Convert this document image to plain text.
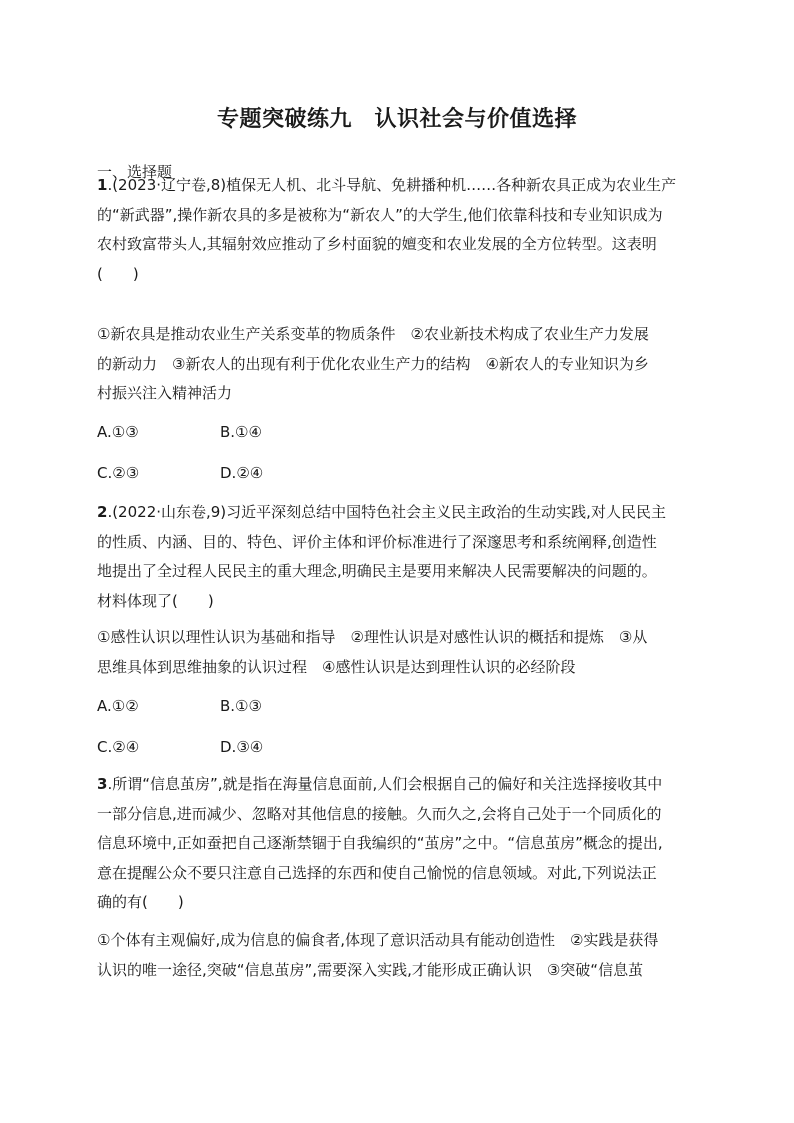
专题突破练九　认识社会与价值选择
一、选择题
1.(2023·辽宁卷,8)植保无人机、北斗导航、免耕播种机……各种新农具正成为农业生产
的“新武器”,操作新农具的多是被称为“新农人”的大学生,他们依靠科技和专业知识成为
农村致富带头人,其辐射效应推动了乡村面貌的嬗变和农业发展的全方位转型。这表明
(　　)
①新农具是推动农业生产关系变革的物质条件　②农业新技术构成了农业生产力发展
的新动力　③新农人的出现有利于优化农业生产力的结构　④新农人的专业知识为乡
村振兴注入精神活力
A.①③	B.①④
C.②③	D.②④
2.(2022·山东卷,9)习近平深刻总结中国特色社会主义民主政治的生动实践,对人民民主
的性质、内涵、目的、特色、评价主体和评价标准进行了深邃思考和系统阐释,创造性
地提出了全过程人民民主的重大理念,明确民主是要用来解决人民需要解决的问题的。
材料体现了(　　)
①感性认识以理性认识为基础和指导　②理性认识是对感性认识的概括和提炼　③从
思维具体到思维抽象的认识过程　④感性认识是达到理性认识的必经阶段
A.①②	B.①③
C.②④	D.③④
3.所谓“信息茧房”,就是指在海量信息面前,人们会根据自己的偏好和关注选择接收其中
一部分信息,进而减少、忽略对其他信息的接触。久而久之,会将自己处于一个同质化的
信息环境中,正如蚕把自己逐渐禁锢于自我编织的“茧房”之中。“信息茧房”概念的提出,
意在提醒公众不要只注意自己选择的东西和使自己愉悦的信息领域。对此,下列说法正
确的有(　　)
①个体有主观偏好,成为信息的偏食者,体现了意识活动具有能动创造性　②实践是获得
认识的唯一途径,突破“信息茧房”,需要深入实践,才能形成正确认识　③突破“信息茧
